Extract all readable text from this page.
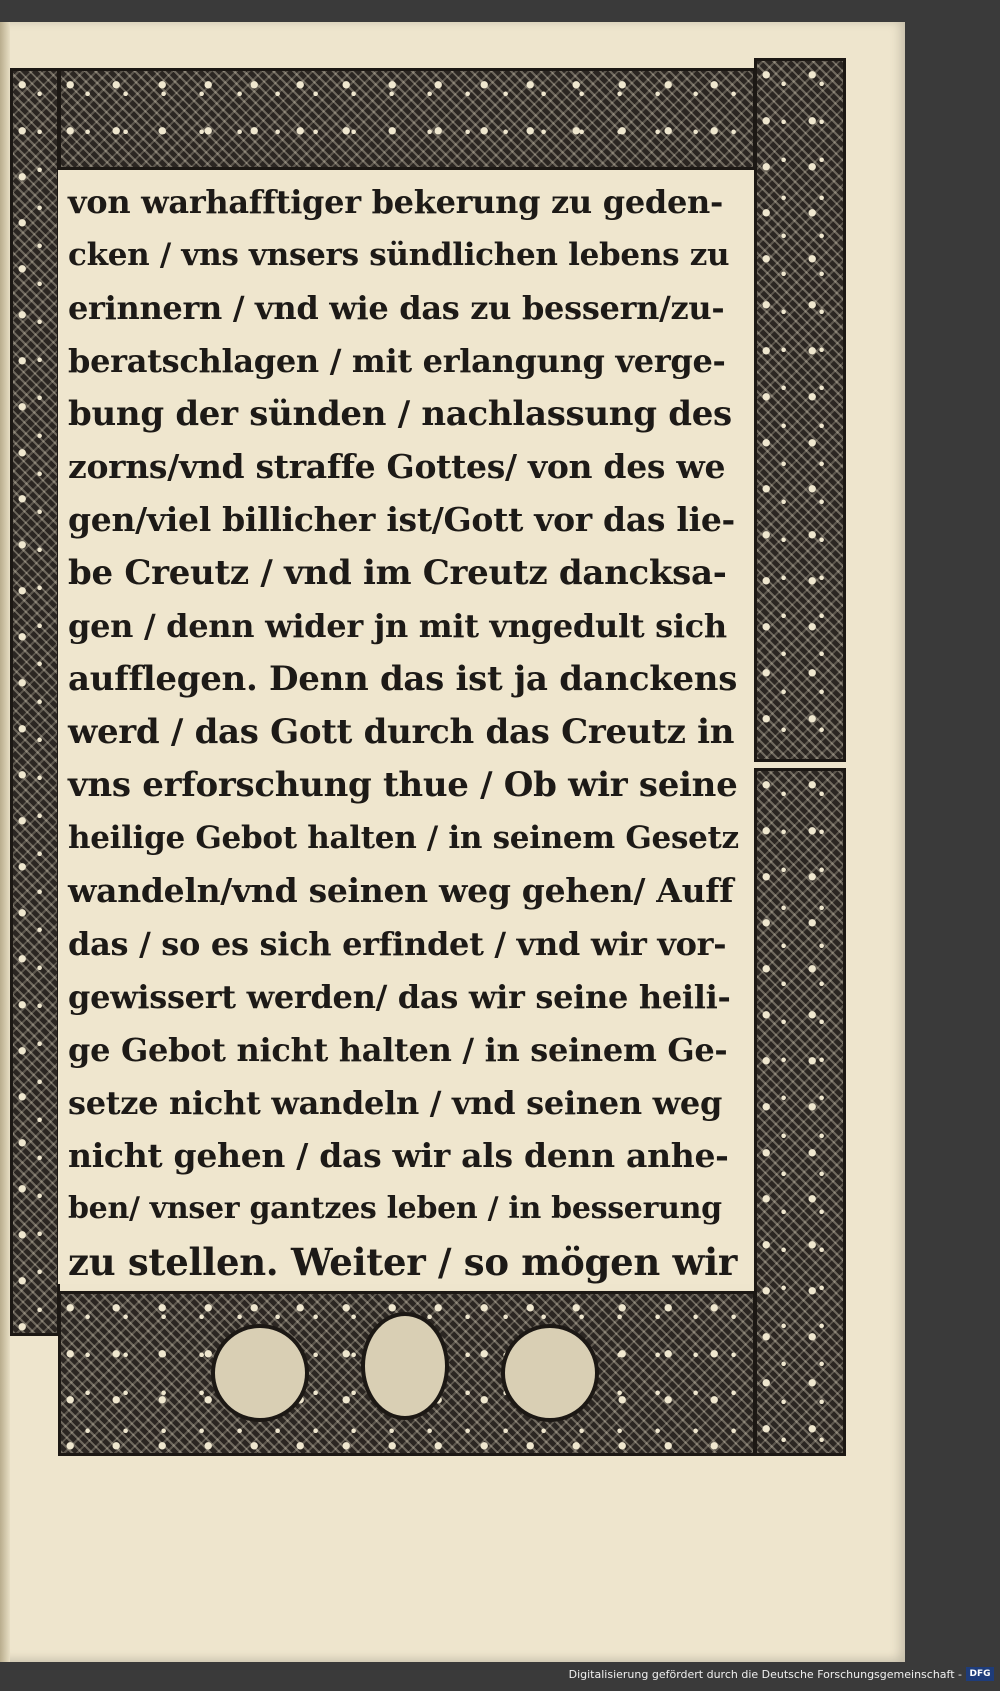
von warhafftiger bekerung zu geden-
cken / vns vnsers sündlichen lebens zu
erinnern / vnd wie das zu bessern/zu-
beratschlagen / mit erlangung verge-
bung der sünden / nachlassung des
zorns/vnd straffe Gottes/ von des we
gen/viel billicher ist/Gott vor das lie-
be Creutz / vnd im Creutz dancksa-
gen / denn wider jn mit vngedult sich
aufflegen. Denn das ist ja danckens
werd / das Gott durch das Creutz in
vns erforschung thue / Ob wir seine
heilige Gebot halten / in seinem Gesetz
wandeln/vnd seinen weg gehen/ Auff
das / so es sich erfindet / vnd wir vor-
gewissert werden/ das wir seine heili-
ge Gebot nicht halten / in seinem Ge-
setze nicht wandeln / vnd seinen weg
nicht gehen / das wir als denn anhe-
ben/ vnser gantzes leben / in besserung
zu stellen. Weiter / so mögen wir
Digitalisierung gefördert durch die Deutsche Forschungsgemeinschaft - DFG
